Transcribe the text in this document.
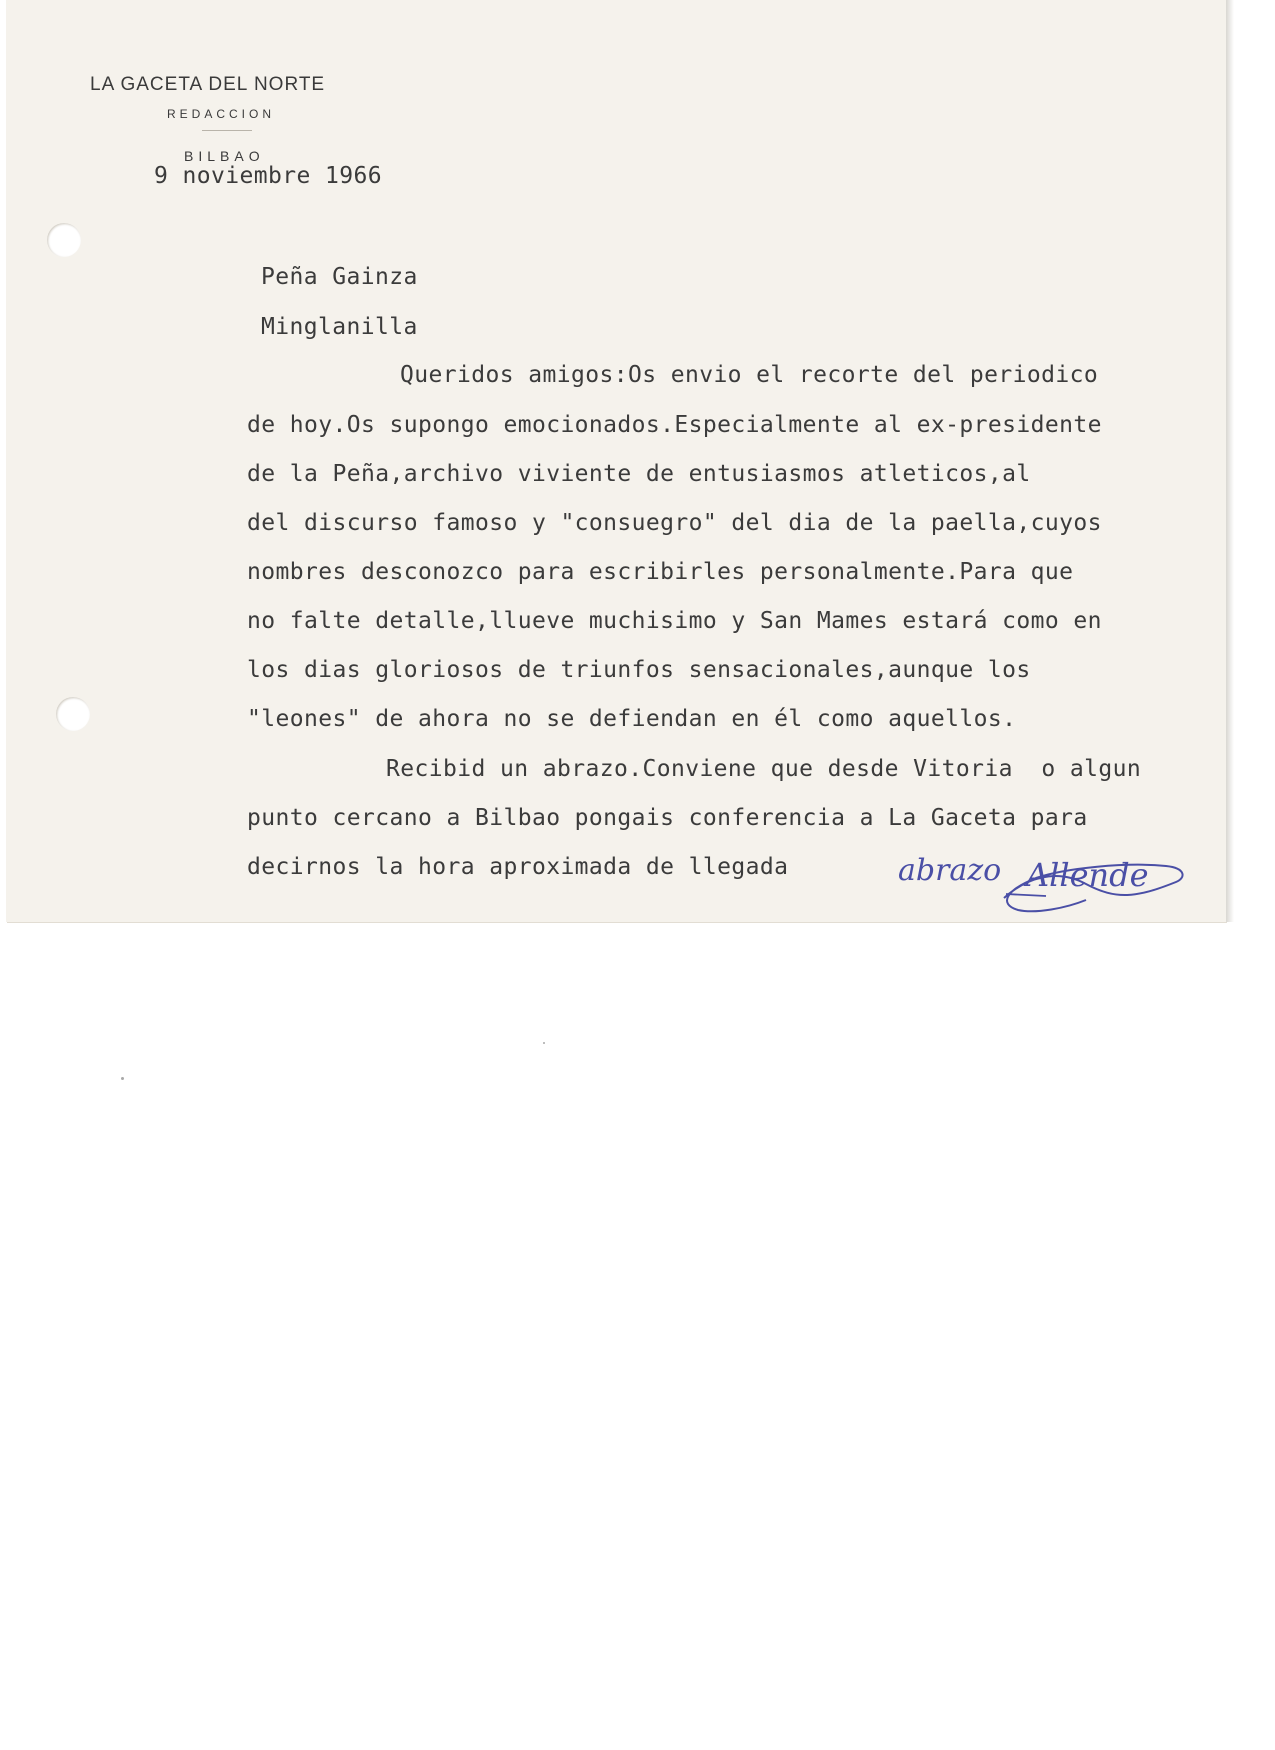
LA GACETA DEL NORTE
REDACCION
BILBAO
9 noviembre 1966
Peña Gainza
Minglanilla
Queridos amigos:Os envio el recorte del periodico
de hoy.Os supongo emocionados.Especialmente al ex-presidente
de la Peña,archivo viviente de entusiasmos atleticos,al
del discurso famoso y "consuegro" del dia de la paella,cuyos
nombres desconozco para escribirles personalmente.Para que
no falte detalle,llueve muchisimo y San Mames estará como en
los dias gloriosos de triunfos sensacionales,aunque los
"leones" de ahora no se defiendan en él como aquellos.
Recibid un abrazo.Conviene que desde Vitoria  o algun
punto cercano a Bilbao pongais conferencia a La Gaceta para
decirnos la hora aproximada de llegada	abrazo Allende
